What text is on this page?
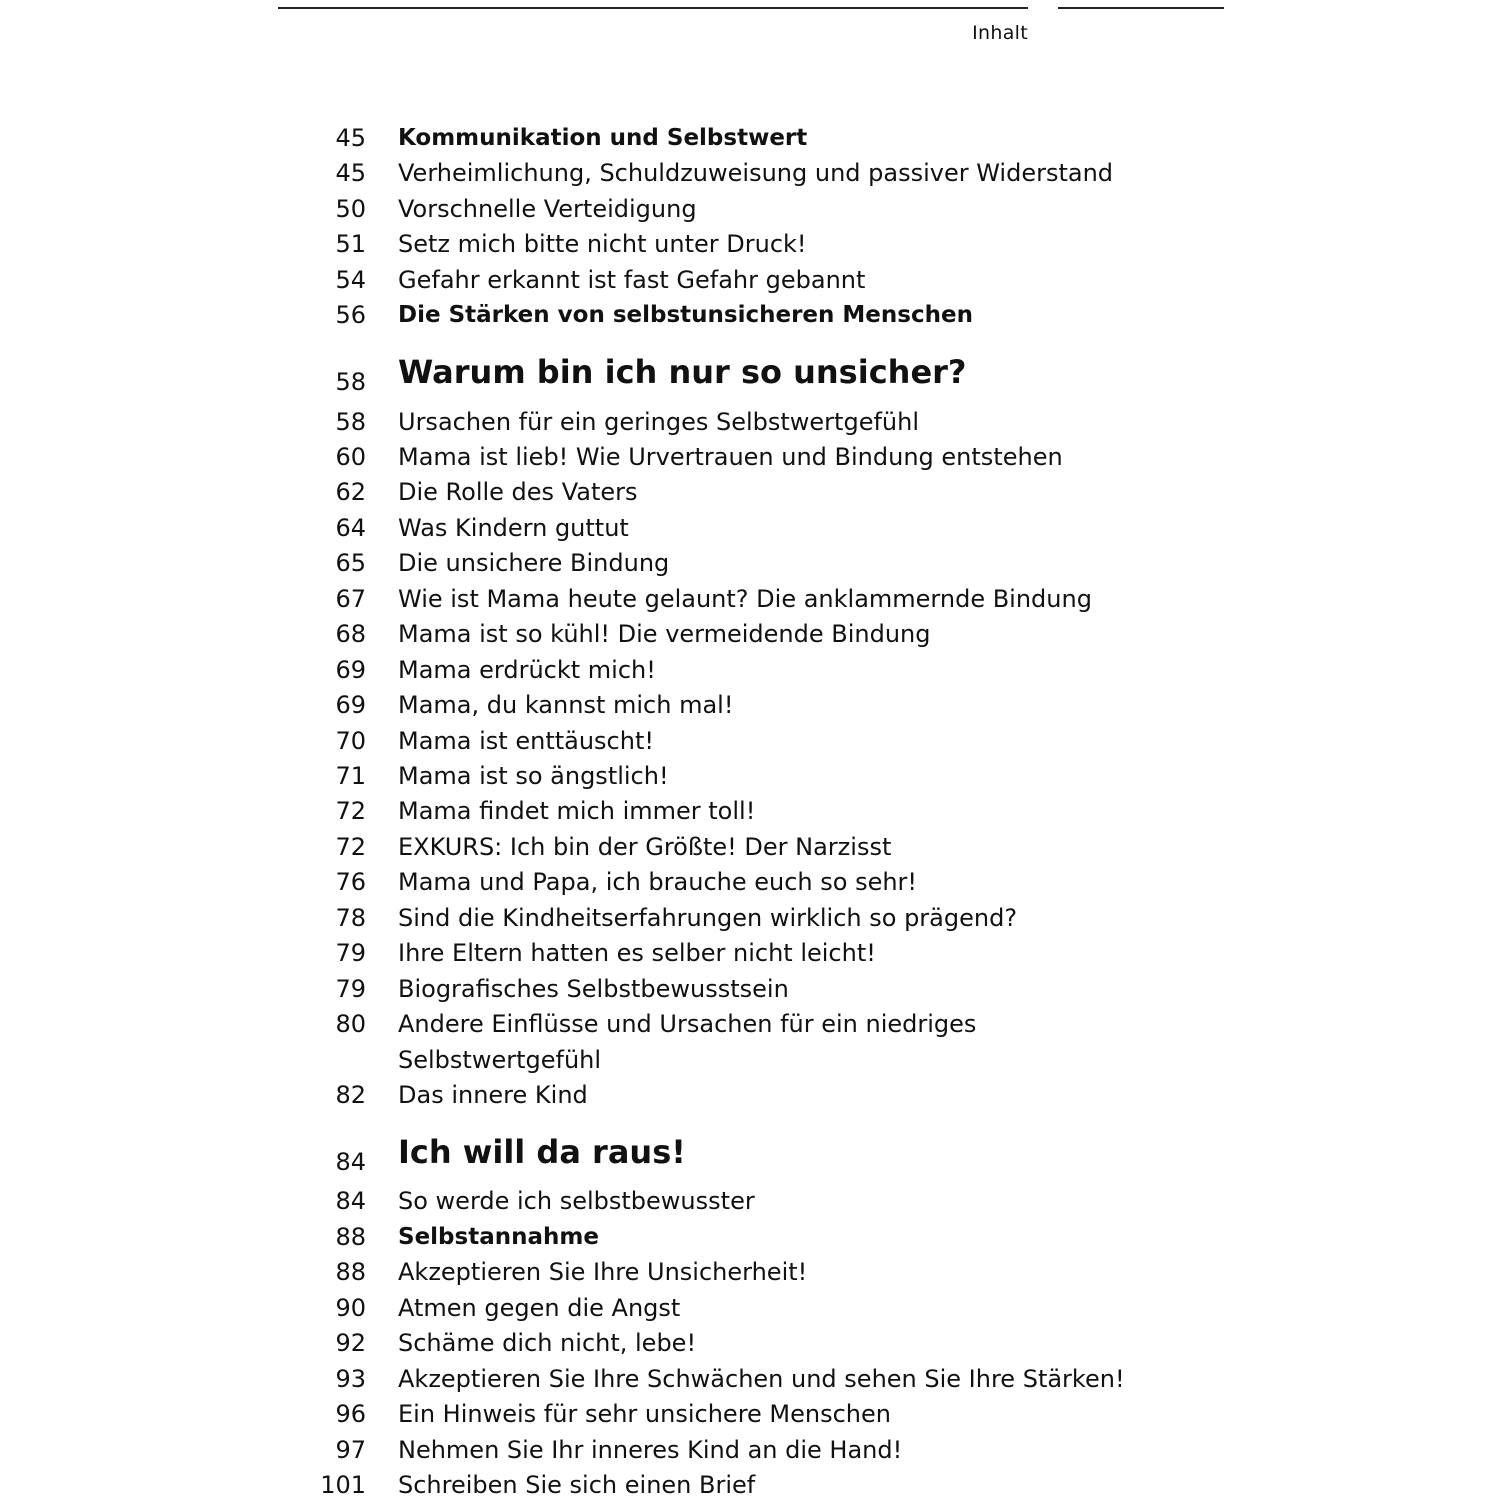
Inhalt
45 Kommunikation und Selbstwert
45 Verheimlichung, Schuldzuweisung und passiver Widerstand
50 Vorschnelle Verteidigung
51 Setz mich bitte nicht unter Druck!
54 Gefahr erkannt ist fast Gefahr gebannt
56 Die Stärken von selbstunsicheren Menschen
58 Warum bin ich nur so unsicher?
58 Ursachen für ein geringes Selbstwertgefühl
60 Mama ist lieb! Wie Urvertrauen und Bindung entstehen
62 Die Rolle des Vaters
64 Was Kindern guttut
65 Die unsichere Bindung
67 Wie ist Mama heute gelaunt? Die anklammernde Bindung
68 Mama ist so kühl! Die vermeidende Bindung
69 Mama erdrückt mich!
69 Mama, du kannst mich mal!
70 Mama ist enttäuscht!
71 Mama ist so ängstlich!
72 Mama findet mich immer toll!
72 EXKURS: Ich bin der Größte! Der Narzisst
76 Mama und Papa, ich brauche euch so sehr!
78 Sind die Kindheitserfahrungen wirklich so prägend?
79 Ihre Eltern hatten es selber nicht leicht!
79 Biografisches Selbstbewusstsein
80 Andere Einflüsse und Ursachen für ein niedriges Selbstwertgefühl
82 Das innere Kind
84 Ich will da raus!
84 So werde ich selbstbewusster
88 Selbstannahme
88 Akzeptieren Sie Ihre Unsicherheit!
90 Atmen gegen die Angst
92 Schäme dich nicht, lebe!
93 Akzeptieren Sie Ihre Schwächen und sehen Sie Ihre Stärken!
96 Ein Hinweis für sehr unsichere Menschen
97 Nehmen Sie Ihr inneres Kind an die Hand!
101 Schreiben Sie sich einen Brief
